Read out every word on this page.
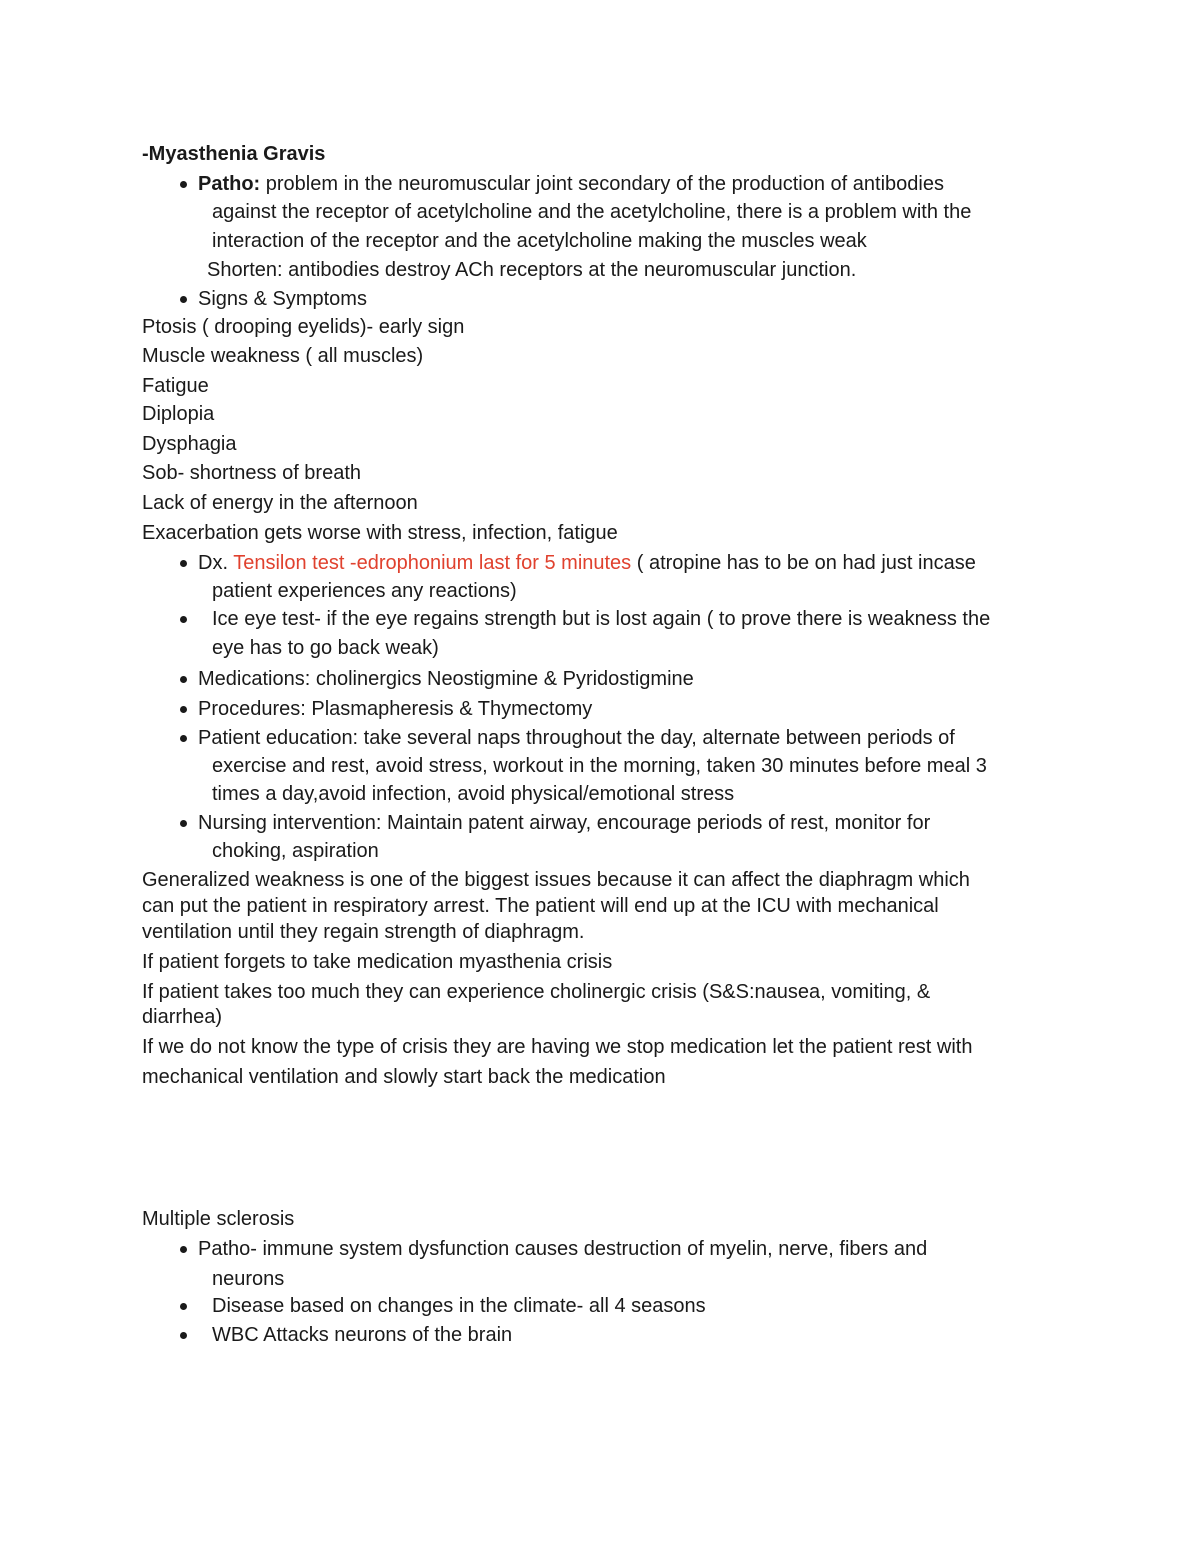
-Myasthenia Gravis
Patho: problem in the neuromuscular joint secondary of the production of antibodies
against the receptor of acetylcholine and the acetylcholine, there is a problem with the
interaction of the receptor and the acetylcholine making the muscles weak
Shorten: antibodies destroy ACh receptors at the neuromuscular junction.
Signs & Symptoms
Ptosis ( drooping eyelids)- early sign
Muscle weakness ( all muscles)
Fatigue
Diplopia
Dysphagia
Sob- shortness of breath
Lack of energy in the afternoon
Exacerbation gets worse with stress, infection, fatigue
Dx. Tensilon test -edrophonium last for 5 minutes ( atropine has to be on had just incase
patient experiences any reactions)
Ice eye test- if the eye regains strength but is lost again ( to prove there is weakness the
eye has to go back weak)
Medications: cholinergics Neostigmine & Pyridostigmine
Procedures: Plasmapheresis & Thymectomy
Patient education: take several naps throughout the day, alternate between periods of
exercise and rest, avoid stress, workout in the morning, taken 30 minutes before meal 3
times a day,avoid infection, avoid physical/emotional stress
Nursing intervention: Maintain patent airway, encourage periods of rest, monitor for
choking, aspiration
Generalized weakness is one of the biggest issues because it can affect the diaphragm which
can put the patient in respiratory arrest. The patient will end up at the ICU with mechanical
ventilation until they regain strength of diaphragm.
If patient forgets to take medication myasthenia crisis
If patient takes too much they can experience cholinergic crisis (S&S:nausea, vomiting, &
diarrhea)
If we do not know the type of crisis they are having we stop medication let the patient rest with
mechanical ventilation and slowly start back the medication
Multiple sclerosis
Patho- immune system dysfunction causes destruction of myelin, nerve, fibers and
neurons
Disease based on changes in the climate- all 4 seasons
WBC Attacks neurons of the brain
